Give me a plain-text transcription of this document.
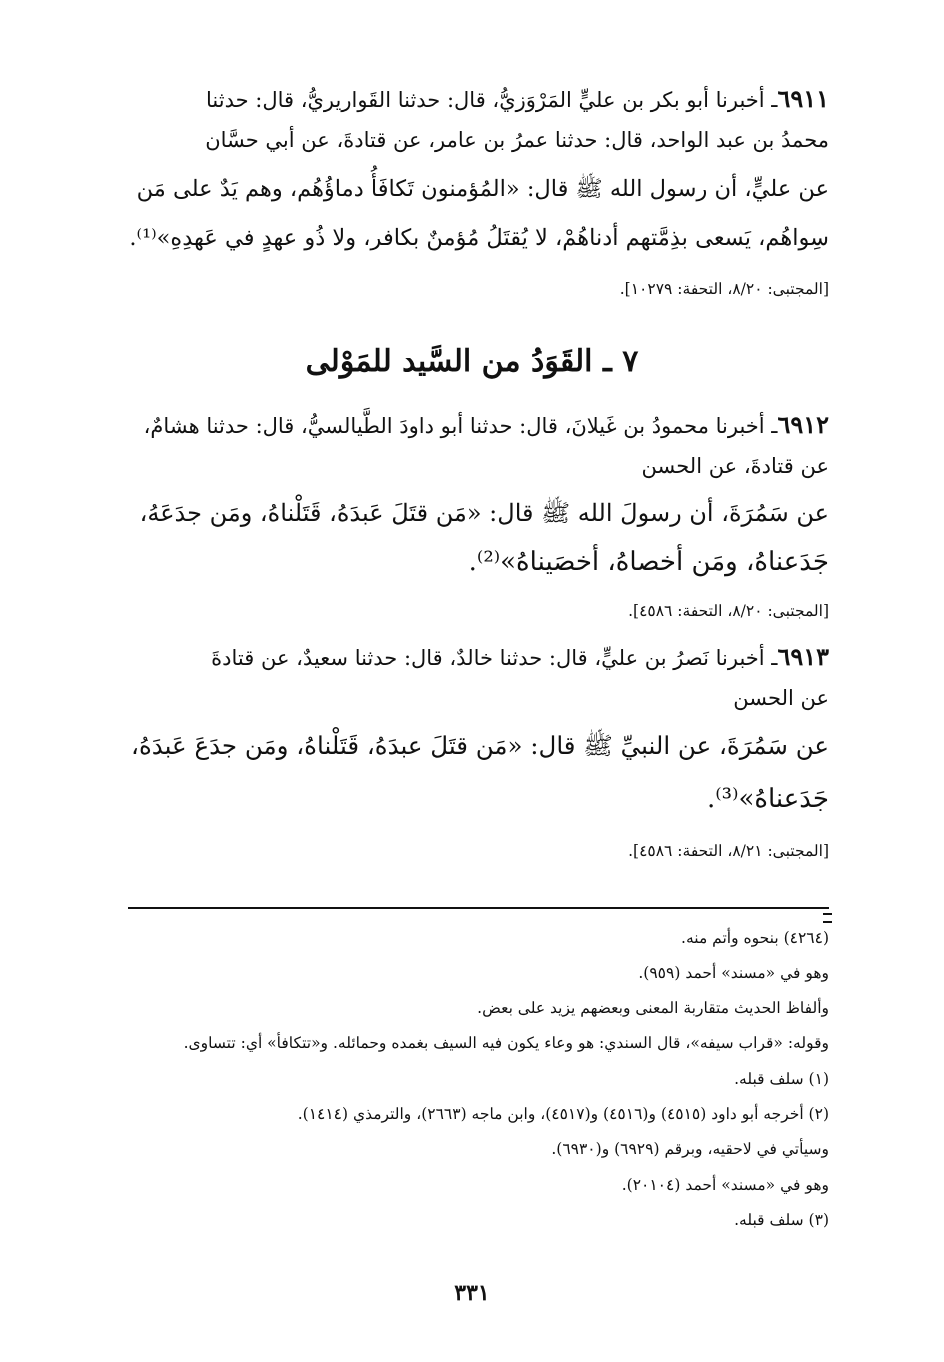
٦٩١١ـ أخبرنا أبو بكر بن عليٍّ المَرْوَزيُّ، قال: حدثنا القَواريريُّ، قال: حدثنا
محمدُ بن عبد الواحد، قال: حدثنا عمرُ بن عامر، عن قتادةَ، عن أبي حسَّان
عن عليٍّ، أن رسول الله ﷺ قال: «المُؤمنون تَكافَأُ دماؤُهُم، وهم يَدٌ على مَن
سِواهُم، يَسعى بذِمَّتهم أدناهُمْ، لا يُقتَلُ مُؤمنٌ بكافر، ولا ذُو عهدٍ في عَهدِهِ»⁽¹⁾.
[المجتبى: ٨/٢٠، التحفة: ١٠٢٧٩].
٧ ـ القَوَدُ من السَّيد للمَوْلى
٦٩١٢ـ أخبرنا محمودُ بن غَيلانَ، قال: حدثنا أبو داودَ الطَّيالسيُّ، قال: حدثنا هشامٌ،
عن قتادةَ، عن الحسن
عن سَمُرَةَ، أن رسولَ الله ﷺ قال: «مَن قتَلَ عَبدَهُ، قَتَلْناهُ، ومَن جدَعَهُ،
جَدَعناهُ، ومَن أخصاهُ، أخصَيناهُ»⁽²⁾.
[المجتبى: ٨/٢٠، التحفة: ٤٥٨٦].
٦٩١٣ـ أخبرنا نَصرُ بن عليٍّ، قال: حدثنا خالدٌ، قال: حدثنا سعيدٌ، عن قتادةَ
عن الحسن
عن سَمُرَةَ، عن النبيِّ ﷺ قال: «مَن قتَلَ عبدَهُ، قَتَلْناهُ، ومَن جدَعَ عَبدَهُ،
جَدَعناهُ»⁽³⁾.
[المجتبى: ٨/٢١، التحفة: ٤٥٨٦].
(٤٢٦٤) بنحوه وأتم منه.
وهو في «مسند» أحمد (٩٥٩).
وألفاظ الحديث متقاربة المعنى وبعضهم يزيد على بعض.
وقوله: «قراب سيفه»، قال السندي: هو وعاء يكون فيه السيف بغمده وحمائله. و«تتكافأ» أي: تتساوى.
(١) سلف قبله.
(٢) أخرجه أبو داود (٤٥١٥) و(٤٥١٦) و(٤٥١٧)، وابن ماجه (٢٦٦٣)، والترمذي (١٤١٤).
وسيأتي في لاحقيه، وبرقم (٦٩٢٩) و(٦٩٣٠).
وهو في «مسند» أحمد (٢٠١٠٤).
(٣) سلف قبله.
٣٣١
